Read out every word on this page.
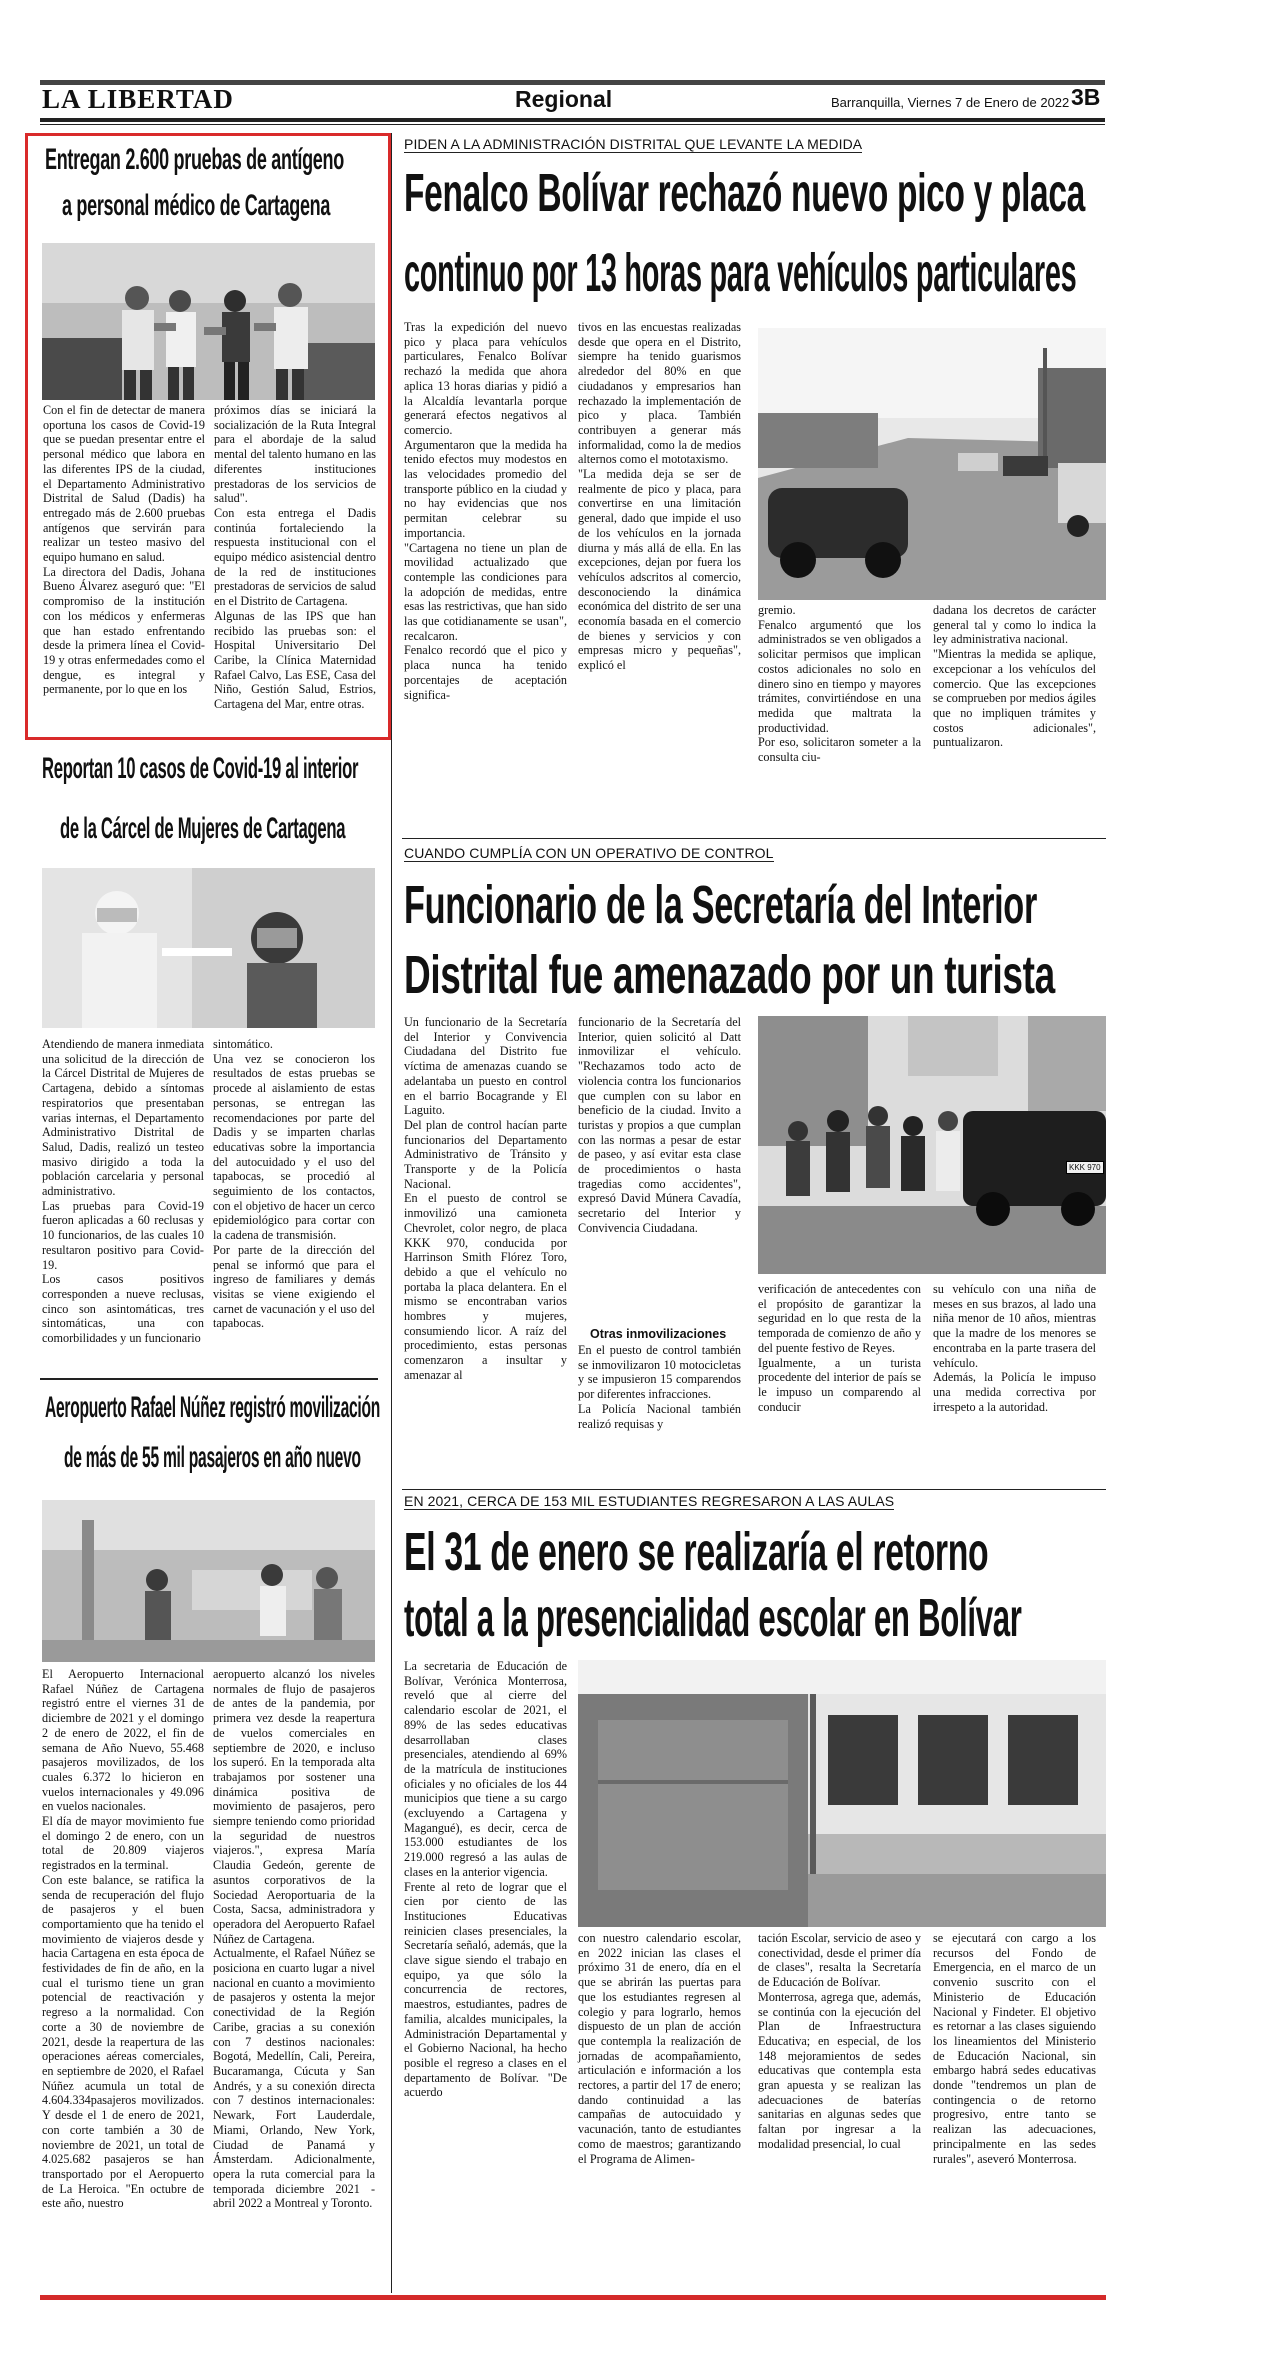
LA LIBERTAD	Regional	Barranquilla, Viernes 7 de Enero de 2022 3B
Entregan 2.600 pruebas de antígeno
a personal médico de Cartagena
Con el fin de detectar de manera oportuna los casos de Covid-19 que se puedan presentar entre el personal médico que labora en las diferentes IPS de la ciudad, el Departamento Administrativo Distrital de Salud (Dadis) ha entregado más de 2.600 pruebas antígenos que servirán para realizar un testeo masivo del equipo humano en salud.
La directora del Dadis, Johana Bueno Álvarez aseguró que: "El compromiso de la institución con los médicos y enfermeras que han estado enfrentando desde la primera línea el Covid-19 y otras enfermedades como el dengue, es integral y permanente, por lo que en los
próximos días se iniciará la socialización de la Ruta Integral para el abordaje de la salud mental del talento humano en las diferentes instituciones prestadoras de los servicios de salud".
Con esta entrega el Dadis continúa fortaleciendo la respuesta institucional con el equipo médico asistencial dentro de la red de instituciones prestadoras de servicios de salud en el Distrito de Cartagena.
Algunas de las IPS que han recibido las pruebas son: el Hospital Universitario Del Caribe, la Clínica Maternidad Rafael Calvo, Las ESE, Casa del Niño, Gestión Salud, Estrios, Cartagena del Mar, entre otras.
Reportan 10 casos de Covid-19 al interior
de la Cárcel de Mujeres de Cartagena
Atendiendo de manera inmediata una solicitud de la dirección de la Cárcel Distrital de Mujeres de Cartagena, debido a síntomas respiratorios que presentaban varias internas, el Departamento Administrativo Distrital de Salud, Dadis, realizó un testeo masivo dirigido a toda la población carcelaria y personal administrativo.
Las pruebas para Covid-19 fueron aplicadas a 60 reclusas y 10 funcionarios, de las cuales 10 resultaron positivo para Covid-19.
Los casos positivos corresponden a nueve reclusas, cinco son asintomáticas, tres sintomáticas, una con comorbilidades y un funcionario
sintomático.
Una vez se conocieron los resultados de estas pruebas se procede al aislamiento de estas personas, se entregan las recomendaciones por parte del Dadis y se imparten charlas educativas sobre la importancia del autocuidado y el uso del tapabocas, se procedió al seguimiento de los contactos, con el objetivo de hacer un cerco epidemiológico para cortar con la cadena de transmisión.
Por parte de la dirección del penal se informó que para el ingreso de familiares y demás visitas se viene exigiendo el carnet de vacunación y el uso del tapabocas.
Aeropuerto Rafael Núñez registró movilización
de más de 55 mil pasajeros en año nuevo
El Aeropuerto Internacional Rafael Núñez de Cartagena registró entre el viernes 31 de diciembre de 2021 y el domingo 2 de enero de 2022, el fin de semana de Año Nuevo, 55.468 pasajeros movilizados, de los cuales 6.372 lo hicieron en vuelos internacionales y 49.096 en vuelos nacionales.
El día de mayor movimiento fue el domingo 2 de enero, con un total de 20.809 viajeros registrados en la terminal.
Con este balance, se ratifica la senda de recuperación del flujo de pasajeros y el buen comportamiento que ha tenido el movimiento de viajeros desde y hacia Cartagena en esta época de festividades de fin de año, en la cual el turismo tiene un gran potencial de reactivación y regreso a la normalidad. Con corte a 30 de noviembre de 2021, desde la reapertura de las operaciones aéreas comerciales, en septiembre de 2020, el Rafael Núñez acumula un total de 4.604.334pasajeros movilizados. Y desde el 1 de enero de 2021, con corte también a 30 de noviembre de 2021, un total de 4.025.682 pasajeros se han transportado por el Aeropuerto de La Heroica. "En octubre de este año, nuestro
aeropuerto alcanzó los niveles normales de flujo de pasajeros de antes de la pandemia, por primera vez desde la reapertura de vuelos comerciales en septiembre de 2020, e incluso los superó. En la temporada alta trabajamos por sostener una dinámica positiva de movimiento de pasajeros, pero siempre teniendo como prioridad la seguridad de nuestros viajeros.", expresa María Claudia Gedeón, gerente de asuntos corporativos de la Sociedad Aeroportuaria de la Costa, Sacsa, administradora y operadora del Aeropuerto Rafael Núñez de Cartagena.
Actualmente, el Rafael Núñez se posiciona en cuarto lugar a nivel nacional en cuanto a movimiento de pasajeros y ostenta la mejor conectividad de la Región Caribe, gracias a su conexión con 7 destinos nacionales: Bogotá, Medellín, Cali, Pereira, Bucaramanga, Cúcuta y San Andrés, y a su conexión directa con 7 destinos internacionales: Newark, Fort Lauderdale, Miami, Orlando, New York, Ciudad de Panamá y Ámsterdam. Adicionalmente, opera la ruta comercial para la temporada diciembre 2021 - abril 2022 a Montreal y Toronto.
PIDEN A LA ADMINISTRACIÓN DISTRITAL QUE LEVANTE LA MEDIDA
Fenalco Bolívar rechazó nuevo pico y placa
continuo por 13 horas para vehículos particulares
Tras la expedición del nuevo pico y placa para vehículos particulares, Fenalco Bolívar rechazó la medida que ahora aplica 13 horas diarias y pidió a la Alcaldía levantarla porque generará efectos negativos al comercio.
Argumentaron que la medida ha tenido efectos muy modestos en las velocidades promedio del transporte público en la ciudad y no hay evidencias que nos permitan celebrar su importancia.
"Cartagena no tiene un plan de movilidad actualizado que contemple las condiciones para la adopción de medidas, entre esas las restrictivas, que han sido las que cotidianamente se usan", recalcaron.
Fenalco recordó que el pico y placa nunca ha tenido porcentajes de aceptación significa-
tivos en las encuestas realizadas desde que opera en el Distrito, siempre ha tenido guarismos alrededor del 80% en que ciudadanos y empresarios han rechazado la implementación de pico y placa. También contribuyen a generar más informalidad, como la de medios alternos como el mototaxismo.
"La medida deja se ser de realmente de pico y placa, para convertirse en una limitación general, dado que impide el uso de los vehículos en la jornada diurna y más allá de ella. En las excepciones, dejan por fuera los vehículos adscritos al comercio, desconociendo la dinámica económica del distrito de ser una economía basada en el comercio de bienes y servicios y con empresas micro y pequeñas", explicó el
gremio.
Fenalco argumentó que los administrados se ven obligados a solicitar permisos que implican costos adicionales no solo en dinero sino en tiempo y mayores trámites, convirtiéndose en una medida que maltrata la productividad.
Por eso, solicitaron someter a la consulta ciu-
dadana los decretos de carácter general tal y como lo indica la ley administrativa nacional.
"Mientras la medida se aplique, excepcionar a los vehículos del comercio. Que las excepciones se comprueben por medios ágiles que no impliquen trámites y costos adicionales", puntualizaron.
CUANDO CUMPLÍA CON UN OPERATIVO DE CONTROL
Funcionario de la Secretaría del Interior
Distrital fue amenazado por un turista
Un funcionario de la Secretaría del Interior y Convivencia Ciudadana del Distrito fue víctima de amenazas cuando se adelantaba un puesto en control en el barrio Bocagrande y El Laguito.
Del plan de control hacían parte funcionarios del Departamento Administrativo de Tránsito y Transporte y de la Policía Nacional.
En el puesto de control se inmovilizó una camioneta Chevrolet, color negro, de placa KKK 970, conducida por Harrinson Smith Flórez Toro, debido a que el vehículo no portaba la placa delantera. En el mismo se encontraban varios hombres y mujeres, consumiendo licor. A raíz del procedimiento, estas personas comenzaron a insultar y amenazar al
funcionario de la Secretaría del Interior, quien solicitó al Datt inmovilizar el vehículo. "Rechazamos todo acto de violencia contra los funcionarios que cumplen con su labor en beneficio de la ciudad. Invito a turistas y propios a que cumplan con las normas a pesar de estar de paseo, y así evitar esta clase de procedimientos o hasta tragedias como accidentes", expresó David Múnera Cavadía, secretario del Interior y Convivencia Ciudadana.
Otras inmovilizaciones
En el puesto de control también se inmovilizaron 10 motocicletas y se impusieron 15 comparendos por diferentes infracciones.
La Policía Nacional también realizó requisas y
KKK 970
verificación de antecedentes con el propósito de garantizar la seguridad en lo que resta de la temporada de comienzo de año y del puente festivo de Reyes.
Igualmente, a un turista procedente del interior de país se le impuso un comparendo al conducir
su vehículo con una niña de meses en sus brazos, al lado una niña menor de 10 años, mientras que la madre de los menores se encontraba en la parte trasera del vehículo.
Además, la Policía le impuso una medida correctiva por irrespeto a la autoridad.
EN 2021, CERCA DE 153 MIL ESTUDIANTES REGRESARON A LAS AULAS
El 31 de enero se realizaría el retorno
total a la presencialidad escolar en Bolívar
La secretaria de Educación de Bolívar, Verónica Monterrosa, reveló que al cierre del calendario escolar de 2021, el 89% de las sedes educativas desarrollaban clases presenciales, atendiendo al 69% de la matrícula de instituciones oficiales y no oficiales de los 44 municipios que tiene a su cargo (excluyendo a Cartagena y Magangué), es decir, cerca de 153.000 estudiantes de los 219.000 regresó a las aulas de clases en la anterior vigencia.
Frente al reto de lograr que el cien por ciento de las Instituciones Educativas reinicien clases presenciales, la Secretaría señaló, además, que la clave sigue siendo el trabajo en equipo, ya que sólo la concurrencia de rectores, maestros, estudiantes, padres de familia, alcaldes municipales, la Administración Departamental y el Gobierno Nacional, ha hecho posible el regreso a clases en el departamento de Bolívar. "De acuerdo
con nuestro calendario escolar, en 2022 inician las clases el próximo 31 de enero, día en el que se abrirán las puertas para que los estudiantes regresen al colegio y para lograrlo, hemos dispuesto de un plan de acción que contempla la realización de jornadas de acompañamiento, articulación e información a los rectores, a partir del 17 de enero; dando continuidad a las campañas de autocuidado y vacunación, tanto de estudiantes como de maestros; garantizando el Programa de Alimen-
tación Escolar, servicio de aseo y conectividad, desde el primer día de clases", resalta la Secretaría de Educación de Bolívar.
Monterrosa, agrega que, además, se continúa con la ejecución del Plan de Infraestructura Educativa; en especial, de los 148 mejoramientos de sedes educativas que contempla esta gran apuesta y se realizan las adecuaciones de baterías sanitarias en algunas sedes que faltan por ingresar a la modalidad presencial, lo cual
se ejecutará con cargo a los recursos del Fondo de Emergencia, en el marco de un convenio suscrito con el Ministerio de Educación Nacional y Findeter. El objetivo es retornar a las clases siguiendo los lineamientos del Ministerio de Educación Nacional, sin embargo habrá sedes educativas donde "tendremos un plan de contingencia o de retorno progresivo, entre tanto se realizan las adecuaciones, principalmente en las sedes rurales", aseveró Monterrosa.
